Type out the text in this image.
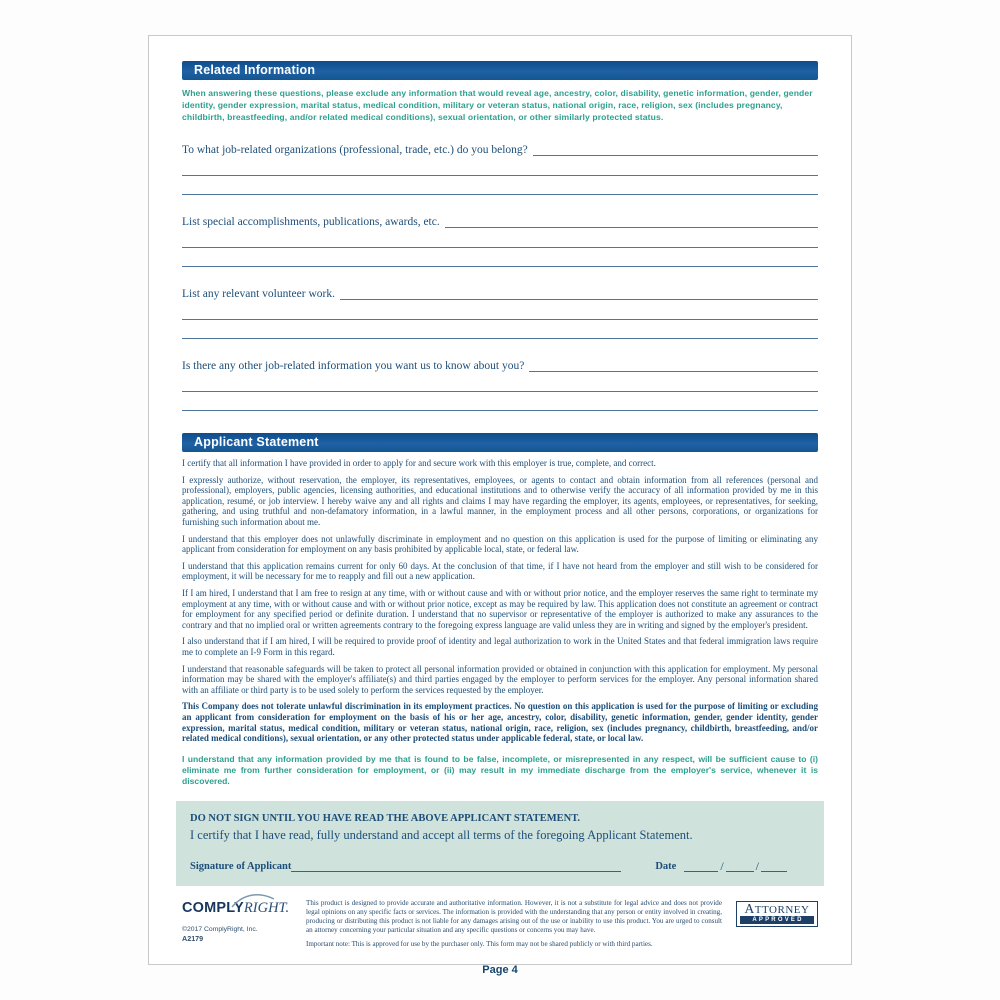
Related Information
When answering these questions, please exclude any information that would reveal age, ancestry, color, disability, genetic information, gender, gender identity, gender expression, marital status, medical condition, military or veteran status, national origin, race, religion, sex (includes pregnancy, childbirth, breastfeeding, and/or related medical conditions), sexual orientation, or other similarly protected status.
To what job-related organizations (professional, trade, etc.) do you belong?
List special accomplishments, publications, awards, etc.
List any relevant volunteer work.
Is there any other job-related information you want us to know about you?
Applicant Statement

I certify that all information I have provided in order to apply for and secure work with this employer is true, complete, and correct.

I expressly authorize, without reservation, the employer, its representatives, employees, or agents to contact and obtain information from all references (personal and professional), employers, public agencies, licensing authorities, and educational institutions and to otherwise verify the accuracy of all information provided by me in this application, resumé, or job interview. I hereby waive any and all rights and claims I may have regarding the employer, its agents, employees, or representatives, for seeking, gathering, and using truthful and non-defamatory information, in a lawful manner, in the employment process and all other persons, corporations, or organizations for furnishing such information about me.

I understand that this employer does not unlawfully discriminate in employment and no question on this application is used for the purpose of limiting or eliminating any applicant from consideration for employment on any basis prohibited by applicable local, state, or federal law.

I understand that this application remains current for only 60 days. At the conclusion of that time, if I have not heard from the employer and still wish to be considered for employment, it will be necessary for me to reapply and fill out a new application.

If I am hired, I understand that I am free to resign at any time, with or without cause and with or without prior notice, and the employer reserves the same right to terminate my employment at any time, with or without cause and with or without prior notice, except as may be required by law. This application does not constitute an agreement or contract for employment for any specified period or definite duration. I understand that no supervisor or representative of the employer is authorized to make any assurances to the contrary and that no implied oral or written agreements contrary to the foregoing express language are valid unless they are in writing and signed by the employer's president.

I also understand that if I am hired, I will be required to provide proof of identity and legal authorization to work in the United States and that federal immigration laws require me to complete an I-9 Form in this regard.

I understand that reasonable safeguards will be taken to protect all personal information provided or obtained in conjunction with this application for employment. My personal information may be shared with the employer's affiliate(s) and third parties engaged by the employer to perform services for the employer. Any personal information shared with an affiliate or third party is to be used solely to perform the services requested by the employer.

This Company does not tolerate unlawful discrimination in its employment practices. No question on this application is used for the purpose of limiting or excluding an applicant from consideration for employment on the basis of his or her age, ancestry, color, disability, genetic information, gender, gender identity, gender expression, marital status, medical condition, military or veteran status, national origin, race, religion, sex (includes pregnancy, childbirth, breastfeeding, and/or related medical conditions), sexual orientation, or any other protected status under applicable federal, state, or local law.

I understand that any information provided by me that is found to be false, incomplete, or misrepresented in any respect, will be sufficient cause to (i) eliminate me from further consideration for employment, or (ii) may result in my immediate discharge from the employer's service, whenever it is discovered.

DO NOT SIGN UNTIL YOU HAVE READ THE ABOVE APPLICANT STATEMENT.
I certify that I have read, fully understand and accept all terms of the foregoing Applicant Statement.
Signature of Applicant	Date	/	/
COMPLYRIGHT.
©2017 ComplyRight, Inc.
A2179
This product is designed to provide accurate and authoritative information. However, it is not a substitute for legal advice and does not provide legal opinions on any specific facts or services. The information is provided with the understanding that any person or entity involved in creating, producing or distributing this product is not liable for any damages arising out of the use or inability to use this product. You are urged to consult an attorney concerning your particular situation and any specific questions or concerns you may have.
Important note: This is approved for use by the purchaser only. This form may not be shared publicly or with third parties.
ATTORNEY
APPROVED
Page 4
